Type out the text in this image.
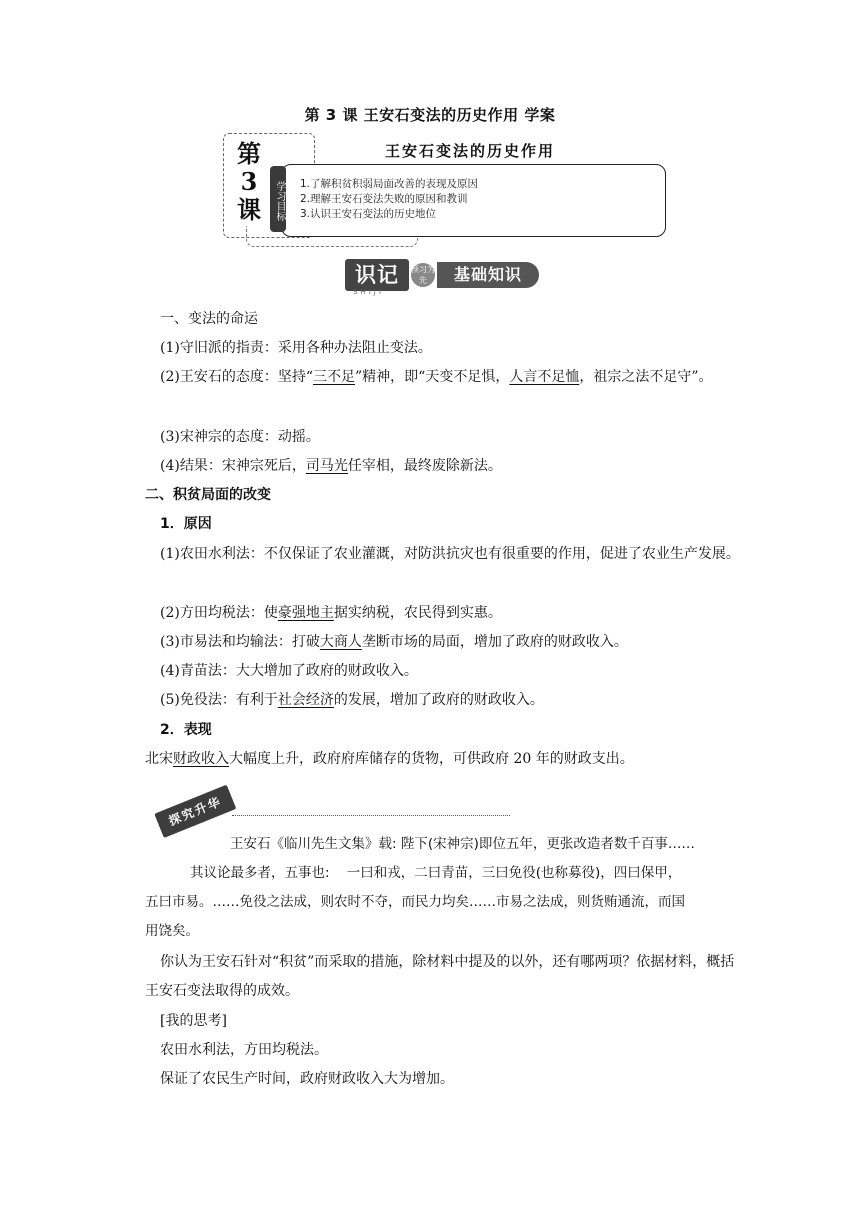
第 3 课 王安石变法的历史作用 学案
第
3
课
王安石变法的历史作用
学习目标 1.了解积贫积弱局面改善的表现及原因
2.理解王安石变法失败的原因和教训
3.认识王安石变法的历史地位
识记
SHIJI
预习为先	基础知识
一、变法的命运
(1)守旧派的指责：采用各种办法阻止变法。
(2)王安石的态度：坚持“三不足”精神，即“天变不足惧，人言不足恤，祖宗之法不足守”。
(3)宋神宗的态度：动摇。
(4)结果：宋神宗死后，司马光任宰相，最终废除新法。
二、积贫局面的改变
1．原因
(1)农田水利法：不仅保证了农业灌溉，对防洪抗灾也有很重要的作用，促进了农业生产发展。
(2)方田均税法：使豪强地主据实纳税，农民得到实惠。
(3)市易法和均输法：打破大商人垄断市场的局面，增加了政府的财政收入。
(4)青苗法：大大增加了政府的财政收入。
(5)免役法：有利于社会经济的发展，增加了政府的财政收入。
2．表现
北宋财政收入大幅度上升，政府府库储存的货物，可供政府 20 年的财政支出。
探究升华
王安石《临川先生文集》载: 陛下(宋神宗)即位五年，更张改造者数千百事……
其议论最多者，五事也:    一曰和戎，二曰青苗，三曰免役(也称募役)，四曰保甲，
五曰市易。……免役之法成，则农时不夺，而民力均矣……市易之法成，则货贿通流，而国
用饶矣。
你认为王安石针对“积贫”而采取的措施，除材料中提及的以外，还有哪两项？依据材料，概括王安石变法取得的成效。
[我的思考]
农田水利法，方田均税法。
保证了农民生产时间，政府财政收入大为增加。
